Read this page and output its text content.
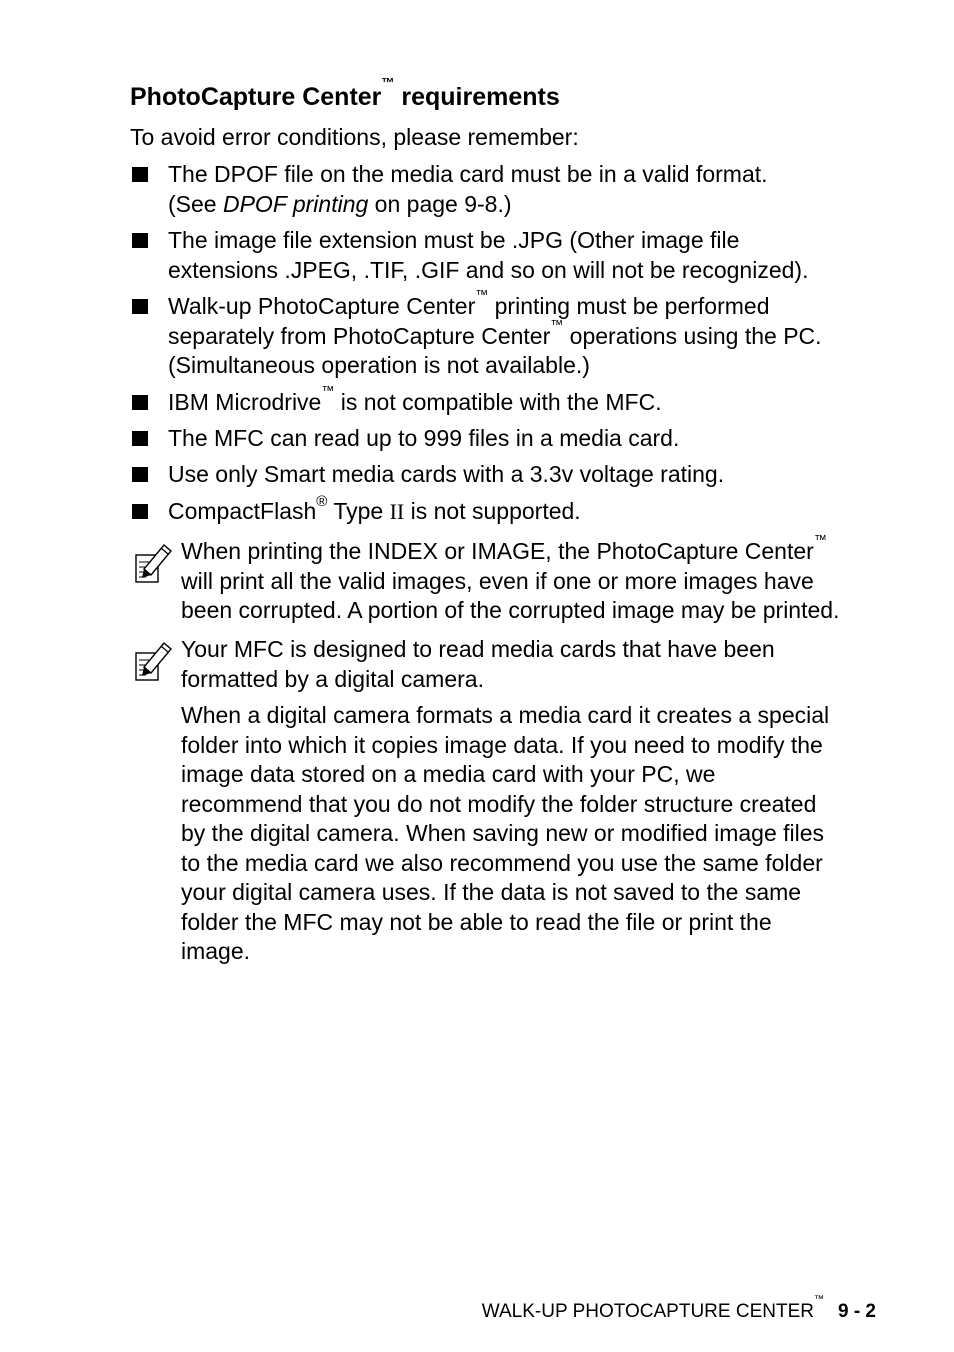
PhotoCapture Center™ requirements
To avoid error conditions, please remember:
The DPOF file on the media card must be in a valid format.
(See DPOF printing on page 9-8.)
The image file extension must be .JPG (Other image file
extensions .JPEG, .TIF, .GIF and so on will not be recognized).
Walk-up PhotoCapture Center™ printing must be performed
separately from PhotoCapture Center™ operations using the PC.
(Simultaneous operation is not available.)
IBM Microdrive™ is not compatible with the MFC.
The MFC can read up to 999 files in a media card.
Use only Smart media cards with a 3.3v voltage rating.
CompactFlash® Type II is not supported.
When printing the INDEX or IMAGE, the PhotoCapture Center™
will print all the valid images, even if one or more images have
been corrupted. A portion of the corrupted image may be printed.
Your MFC is designed to read media cards that have been
formatted by a digital camera.
When a digital camera formats a media card it creates a special
folder into which it copies image data. If you need to modify the
image data stored on a media card with your PC, we
recommend that you do not modify the folder structure created
by the digital camera. When saving new or modified image files
to the media card we also recommend you use the same folder
your digital camera uses. If the data is not saved to the same
folder the MFC may not be able to read the file or print the
image.
WALK-UP PHOTOCAPTURE CENTER™9 - 2
